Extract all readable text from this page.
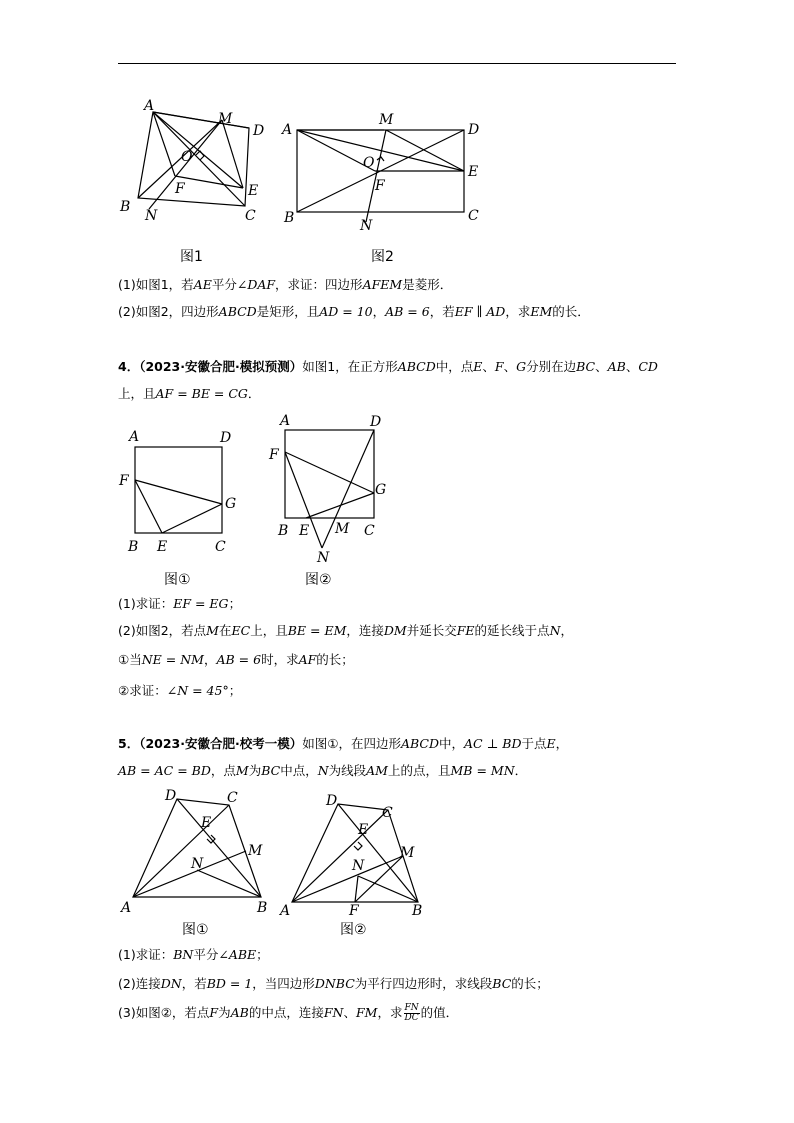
A
M
D
O
F	E
B
N	C
图1
A
M
D
O
F
E
B	N
C
图2
(1)如图1，若AE平分∠DAF，求证：四边形AFEM是菱形．
(2)如图2，四边形ABCD是矩形，且AD = 10，AB = 6，若EF ∥ AD，求EM的长．
4．（2023·安徽合肥·模拟预测）如图1，在正方形ABCD中，点E、F、G分别在边BC、AB、CD
上，且AF = BE = CG．
A	D
F
G
B E	C
图①
A	D
F
G
B E M C
N
图②
(1)求证：EF = EG；
(2)如图2，若点M在EC上，且BE = EM，连接DM并延长交FE的延长线于点N，
①当NE = NM，AB = 6时，求AF的长；
②求证：∠N = 45°；
5．（2023·安徽合肥·校考一模）如图①，在四边形ABCD中，AC ⊥ BD于点E，
AB = AC = BD，点M为BC中点，N为线段AM上的点，且MB = MN．
D	C
E
M
N
A	B
图①
D
C
E
M
N
A	F	B
图②
(1)求证：BN平分∠ABE；
(2)连接DN，若BD = 1，当四边形DNBC为平行四边形时，求线段BC的长；
(3)如图②，若点F为AB的中点，连接FN、FM，求 $\frac{FN}{DC}$ 的值．
